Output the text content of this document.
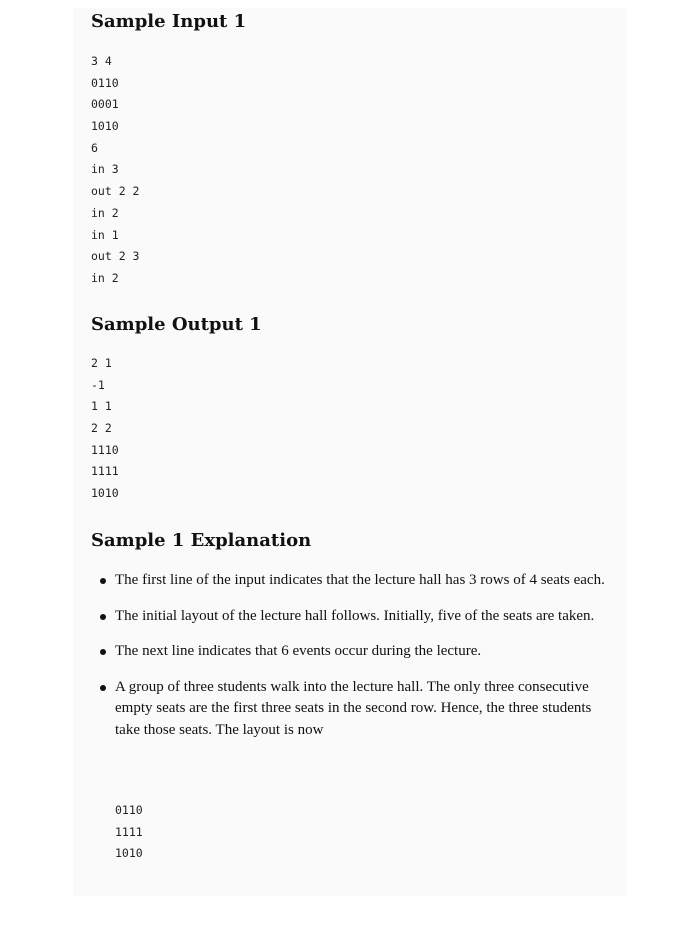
Sample Input 1
3 4
0110
0001
1010
6
in 3
out 2 2
in 2
in 1
out 2 3
in 2
Sample Output 1
2 1
-1
1 1
2 2
1110
1111
1010
Sample 1 Explanation
The first line of the input indicates that the lecture hall has 3 rows of 4 seats each.
The initial layout of the lecture hall follows. Initially, five of the seats are taken.
The next line indicates that 6 events occur during the lecture.
A group of three students walk into the lecture hall. The only three consecutive empty seats are the first three seats in the second row. Hence, the three students take those seats. The layout is now
0110
1111
1010
